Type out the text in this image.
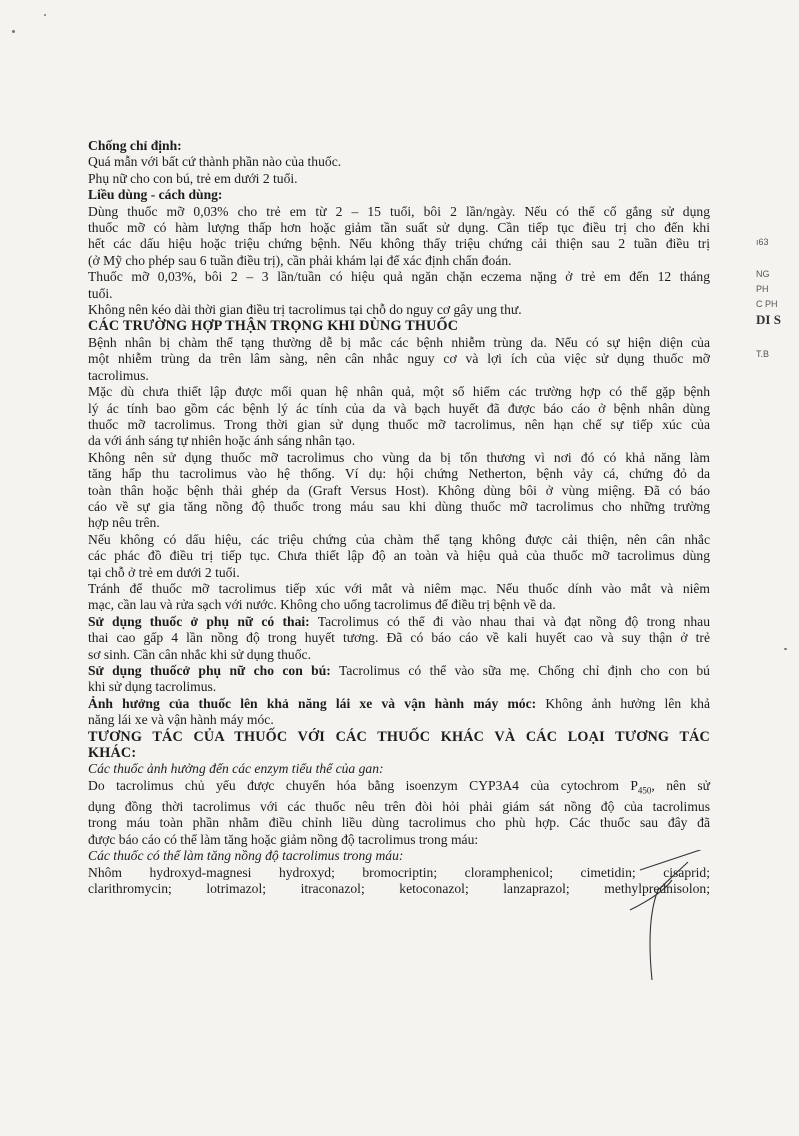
ı63
NG
PH
C PH
DI S
T.B
Chống chỉ định:
Quá mẫn với bất cứ thành phần nào của thuốc.
Phụ nữ cho con bú, trẻ em dưới 2 tuổi.
Liều dùng - cách dùng:
Dùng thuốc mỡ 0,03% cho trẻ em từ 2 – 15 tuổi, bôi 2 lần/ngày. Nếu có thể cố gắng sử dụng
thuốc mỡ có hàm lượng thấp hơn hoặc giảm tần suất sử dụng. Cần tiếp tục điều trị cho đến khi
hết các dấu hiệu hoặc triệu chứng bệnh. Nếu không thấy triệu chứng cải thiện sau 2 tuần điều trị
(ở Mỹ cho phép sau 6 tuần điều trị), cần phải khám lại để xác định chẩn đoán.
Thuốc mỡ 0,03%, bôi 2 – 3 lần/tuần có hiệu quả ngăn chặn eczema nặng ở trẻ em đến 12 tháng
tuổi.
Không nên kéo dài thời gian điều trị tacrolimus tại chỗ do nguy cơ gây ung thư.
CÁC TRƯỜNG HỢP THẬN TRỌNG KHI DÙNG THUỐC
Bệnh nhân bị chàm thể tạng thường dễ bị mắc các bệnh nhiễm trùng da. Nếu có sự hiện diện của
một nhiễm trùng da trên lâm sàng, nên cân nhắc nguy cơ và lợi ích của việc sử dụng thuốc mỡ
tacrolimus.
Mặc dù chưa thiết lập được mối quan hệ nhân quả, một số hiếm các trường hợp có thể gặp bệnh
lý ác tính bao gồm các bệnh lý ác tính của da và bạch huyết đã được báo cáo ở bệnh nhân dùng
thuốc mỡ tacrolimus. Trong thời gian sử dụng thuốc mỡ tacrolimus, nên hạn chế sự tiếp xúc của
da với ánh sáng tự nhiên hoặc ánh sáng nhân tạo.
Không nên sử dụng thuốc mỡ tacrolimus cho vùng da bị tổn thương vì nơi đó có khả năng làm
tăng hấp thu tacrolimus vào hệ thống. Ví dụ: hội chứng Netherton, bệnh vảy cá, chứng đỏ da
toàn thân hoặc bệnh thải ghép da (Graft Versus Host). Không dùng bôi ở vùng miệng. Đã có báo
cáo về sự gia tăng nồng độ thuốc trong máu sau khi dùng thuốc mỡ tacrolimus cho những trường
hợp nêu trên.
Nếu không có dấu hiệu, các triệu chứng của chàm thể tạng không được cải thiện, nên cân nhắc
các phác đồ điều trị tiếp tục. Chưa thiết lập độ an toàn và hiệu quả của thuốc mỡ tacrolimus dùng
tại chỗ ở trẻ em dưới 2 tuổi.
Tránh để thuốc mỡ tacrolimus tiếp xúc với mắt và niêm mạc. Nếu thuốc dính vào mắt và niêm
mạc, cần lau và rửa sạch với nước. Không cho uống tacrolimus để điều trị bệnh về da.
Sử dụng thuốc ở phụ nữ có thai: Tacrolimus có thể đi vào nhau thai và đạt nồng độ trong nhau
thai cao gấp 4 lần nồng độ trong huyết tương. Đã có báo cáo về kali huyết cao và suy thận ở trẻ
sơ sinh. Cần cân nhắc khi sử dụng thuốc.
Sử dụng thuốcở phụ nữ cho con bú: Tacrolimus có thể vào sữa mẹ. Chống chỉ định cho con bú
khi sử dụng tacrolimus.
Ảnh hưởng của thuốc lên khả năng lái xe và vận hành máy móc: Không ảnh hưởng lên khả
năng lái xe và vận hành máy móc.
TƯƠNG TÁC CỦA THUỐC VỚI CÁC THUỐC KHÁC VÀ CÁC LOẠI TƯƠNG TÁC
KHÁC:
Các thuốc ảnh hưởng đến các enzym tiểu thể của gan:
Do tacrolimus chủ yếu được chuyển hóa bằng isoenzym CYP3A4 của cytochrom $P_{450}$, nên sử
dụng đồng thời tacrolimus với các thuốc nêu trên đòi hỏi phải giám sát nồng độ của tacrolimus
trong máu toàn phần nhằm điều chỉnh liều dùng tacrolimus cho phù hợp. Các thuốc sau đây đã
được báo cáo có thể làm tăng hoặc giảm nồng độ tacrolimus trong máu:
Các thuốc có thể làm tăng nồng độ tacrolimus trong máu:
Nhôm hydroxyd-magnesi hydroxyd; bromocriptin; cloramphenicol; cimetidin; cisaprid;
clarithromycin;	lotrimazol;	itraconazol;	ketoconazol;	lanzaprazol;	methylprednisolon;
